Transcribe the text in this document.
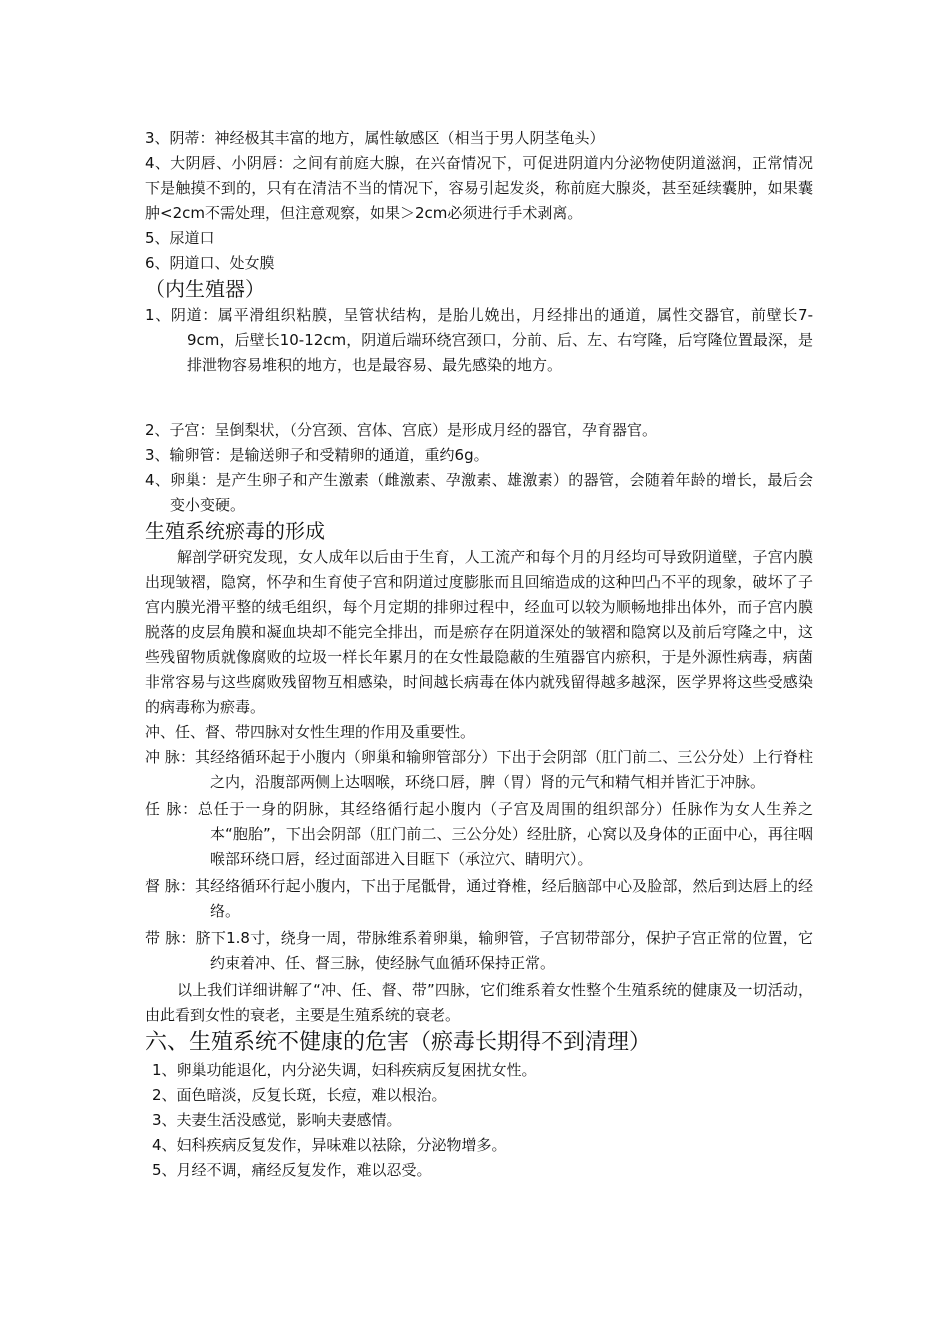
3、阴蒂：神经极其丰富的地方，属性敏感区（相当于男人阴茎龟头）
4、大阴唇、小阴唇：之间有前庭大腺，在兴奋情况下，可促进阴道内分泌物使阴道滋润，正常情况下是触摸不到的，只有在清洁不当的情况下，容易引起发炎，称前庭大腺炎，甚至延续囊肿，如果囊肿<2cm不需处理，但注意观察，如果＞2cm必须进行手术剥离。
5、尿道口
6、阴道口、处女膜
（内生殖器）
1、阴道：属平滑组织粘膜，呈管状结构，是胎儿娩出，月经排出的通道，属性交器官，前壁长7-9cm，后壁长10-12cm，阴道后端环绕宫颈口，分前、后、左、右穹隆，后穹隆位置最深，是排泄物容易堆积的地方，也是最容易、最先感染的地方。
2、子宫：呈倒梨状，（分宫颈、宫体、宫底）是形成月经的器官，孕育器官。
3、输卵管：是输送卵子和受精卵的通道，重约6g。
4、卵巢：是产生卵子和产生激素（雌激素、孕激素、雄激素）的器管，会随着年龄的增长，最后会变小变硬。
生殖系统瘀毒的形成
解剖学研究发现，女人成年以后由于生育，人工流产和每个月的月经均可导致阴道壁，子宫内膜出现皱褶，隐窝，怀孕和生育使子宫和阴道过度膨胀而且回缩造成的这种凹凸不平的现象，破坏了子宫内膜光滑平整的绒毛组织，每个月定期的排卵过程中，经血可以较为顺畅地排出体外，而子宫内膜脱落的皮层角膜和凝血块却不能完全排出，而是瘀存在阴道深处的皱褶和隐窝以及前后穹隆之中，这些残留物质就像腐败的垃圾一样长年累月的在女性最隐蔽的生殖器官内瘀积，于是外源性病毒，病菌非常容易与这些腐败残留物互相感染，时间越长病毒在体内就残留得越多越深，医学界将这些受感染的病毒称为瘀毒。
冲、任、督、带四脉对女性生理的作用及重要性。
冲 脉：其经络循环起于小腹内（卵巢和输卵管部分）下出于会阴部（肛门前二、三公分处）上行脊柱之内，沿腹部两侧上达咽喉，环绕口唇，脾（胃）肾的元气和精气相并皆汇于冲脉。
任 脉：总任于一身的阴脉，其经络循行起小腹内（子宫及周围的组织部分）任脉作为女人生养之本“胞胎”，下出会阴部（肛门前二、三公分处）经肚脐，心窝以及身体的正面中心，再往咽喉部环绕口唇，经过面部进入目眶下（承泣穴、睛明穴）。
督 脉：其经络循环行起小腹内，下出于尾骶骨，通过脊椎，经后脑部中心及脸部，然后到达唇上的经络。
带 脉：脐下1.8寸，绕身一周，带脉维系着卵巢，输卵管，子宫韧带部分，保护子宫正常的位置，它约束着冲、任、督三脉，使经脉气血循环保持正常。
以上我们详细讲解了“冲、任、督、带”四脉，它们维系着女性整个生殖系统的健康及一切活动，由此看到女性的衰老，主要是生殖系统的衰老。
六、生殖系统不健康的危害（瘀毒长期得不到清理）
1、卵巢功能退化，内分泌失调，妇科疾病反复困扰女性。
2、面色暗淡，反复长斑，长痘，难以根治。
3、夫妻生活没感觉，影响夫妻感情。
4、妇科疾病反复发作，异味难以祛除，分泌物增多。
5、月经不调，痛经反复发作，难以忍受。
